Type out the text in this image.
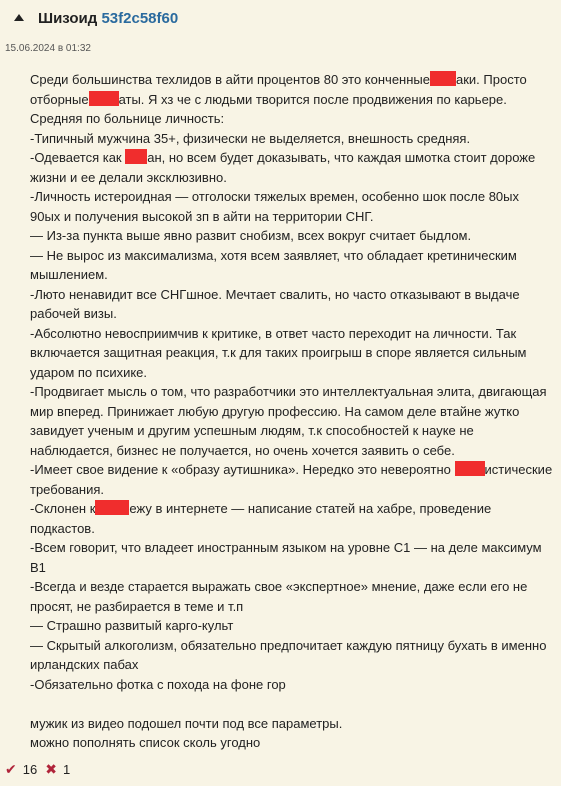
Шизоид 53f2c58f60
15.06.2024 в 01:32

Среди большинства техлидов в айти процентов 80 это конченные аки. Просто

отборные аты. Я хз че с людьми творится после продвижения по карьере.

Средняя по больнице личность:

-Типичный мужчина 35+, физически не выделяется, внешность средняя.

-Одевается как ан, но всем будет доказывать, что каждая шмотка стоит дороже

жизни и ее делали эксклюзивно.

-Личность истероидная — отголоски тяжелых времен, особенно шок после 80ых

90ых и получения высокой зп в айти на территории СНГ.

— Из-за пункта выше явно развит снобизм, всех вокруг считает быдлом.

— Не вырос из максимализма, хотя всем заявляет, что обладает кретиническим

мышлением.

-Люто ненавидит все СНГшное. Мечтает свалить, но часто отказывают в выдаче

рабочей визы.

-Абсолютно невосприимчив к критике, в ответ часто переходит на личности. Так

включается защитная реакция, т.к для таких проигрыш в споре является сильным

ударом по психике.

-Продвигает мысль о том, что разработчики это интеллектуальная элита, двигающая

мир вперед. Принижает любую другую профессию. На самом деле втайне жутко

завидует ученым и другим успешным людям, т.к способностей к науке не

наблюдается, бизнес не получается, но очень хочется заявить о себе.

-Имеет свое видение к «образу аутишника». Нередко это невероятно	истические

требования.

-Склонен к	ежу в интернете — написание статей на хабре, проведение

подкастов.

-Всем говорит, что владеет иностранным языком на уровне С1 — на деле максимум

B1

-Всегда и везде старается выражать свое «экспертное» мнение, даже если его не

просят, не разбирается в теме и т.п

— Страшно развитый карго-культ

— Скрытый алкоголизм, обязательно предпочитает каждую пятницу бухать в именно

ирландских пабах

-Обязательно фотка с похода на фоне гор

мужик из видео подошел почти под все параметры.

можно пополнять список сколь угодно

✔ 16 ✖ 1
